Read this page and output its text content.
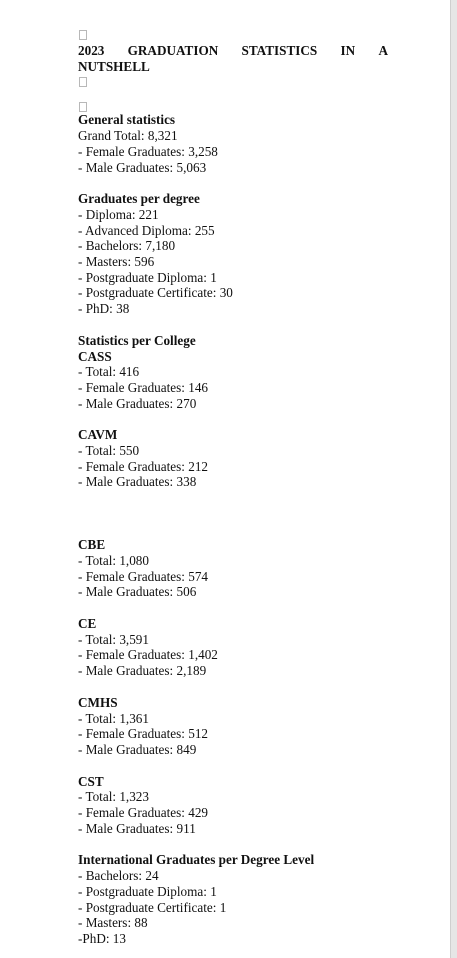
2023 GRADUATION STATISTICS IN A
NUTSHELL
General statistics
Grand Total: 8,321
- Female Graduates: 3,258
- Male Graduates: 5,063
Graduates per degree
- Diploma: 221
- Advanced Diploma: 255
- Bachelors: 7,180
- Masters: 596
- Postgraduate Diploma: 1
- Postgraduate Certificate: 30
- PhD: 38
Statistics per College
CASS
- Total: 416
- Female Graduates: 146
- Male Graduates: 270
CAVM
- Total: 550
- Female Graduates: 212
- Male Graduates: 338
CBE
- Total: 1,080
- Female Graduates: 574
- Male Graduates: 506
CE
- Total: 3,591
- Female Graduates: 1,402
- Male Graduates: 2,189
CMHS
- Total: 1,361
- Female Graduates: 512
- Male Graduates: 849
CST
- Total: 1,323
- Female Graduates: 429
- Male Graduates: 911
International Graduates per Degree Level
- Bachelors: 24
- Postgraduate Diploma: 1
- Postgraduate Certificate: 1
- Masters: 88
-PhD: 13
